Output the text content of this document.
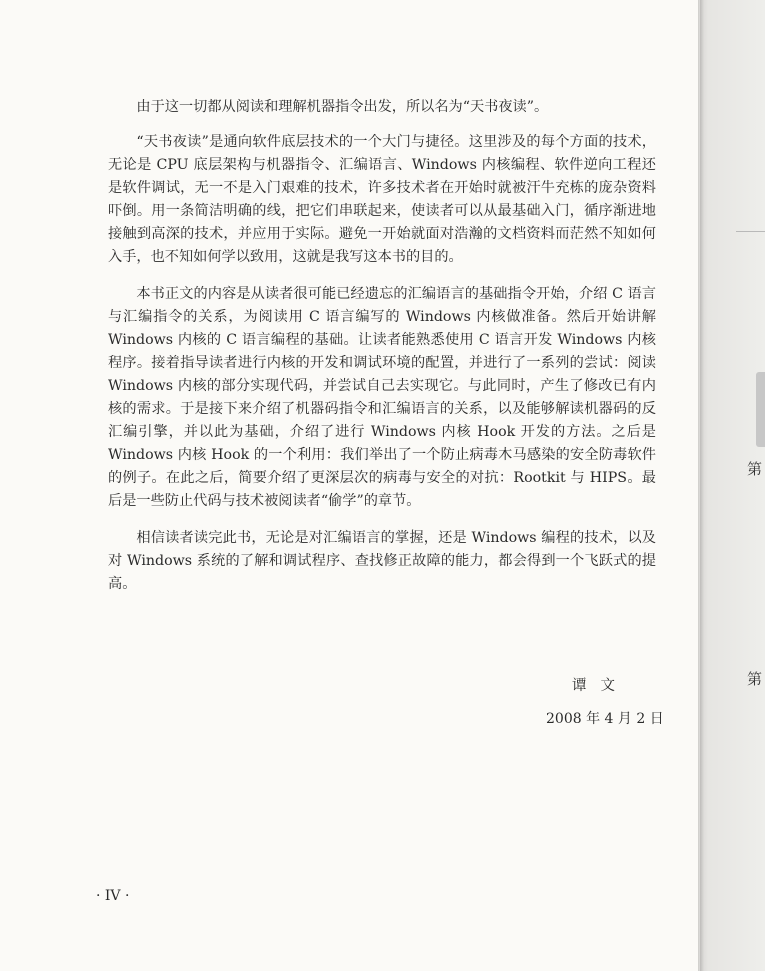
由于这一切都从阅读和理解机器指令出发，所以名为“天书夜读”。

“天书夜读”是通向软件底层技术的一个大门与捷径。这里涉及的每个方面的技术，无论是 CPU 底层架构与机器指令、汇编语言、Windows 内核编程、软件逆向工程还是软件调试，无一不是入门艰难的技术，许多技术者在开始时就被汗牛充栋的庞杂资料吓倒。用一条简洁明确的线，把它们串联起来，使读者可以从最基础入门，循序渐进地接触到高深的技术，并应用于实际。避免一开始就面对浩瀚的文档资料而茫然不知如何入手，也不知如何学以致用，这就是我写这本书的目的。

本书正文的内容是从读者很可能已经遗忘的汇编语言的基础指令开始，介绍 C 语言与汇编指令的关系，为阅读用 C 语言编写的 Windows 内核做准备。然后开始讲解 Windows 内核的 C 语言编程的基础。让读者能熟悉使用 C 语言开发 Windows 内核程序。接着指导读者进行内核的开发和调试环境的配置，并进行了一系列的尝试：阅读 Windows 内核的部分实现代码，并尝试自己去实现它。与此同时，产生了修改已有内核的需求。于是接下来介绍了机器码指令和汇编语言的关系，以及能够解读机器码的反汇编引擎，并以此为基础，介绍了进行 Windows 内核 Hook 开发的方法。之后是 Windows 内核 Hook 的一个利用：我们举出了一个防止病毒木马感染的安全防毒软件的例子。在此之后，简要介绍了更深层次的病毒与安全的对抗：Rootkit 与 HIPS。最后是一些防止代码与技术被阅读者“偷学”的章节。

相信读者读完此书，无论是对汇编语言的掌握，还是 Windows 编程的技术，以及对 Windows 系统的了解和调试程序、查找修正故障的能力，都会得到一个飞跃式的提高。

谭文
2008 年 4 月 2 日
· IV ·
第
第
